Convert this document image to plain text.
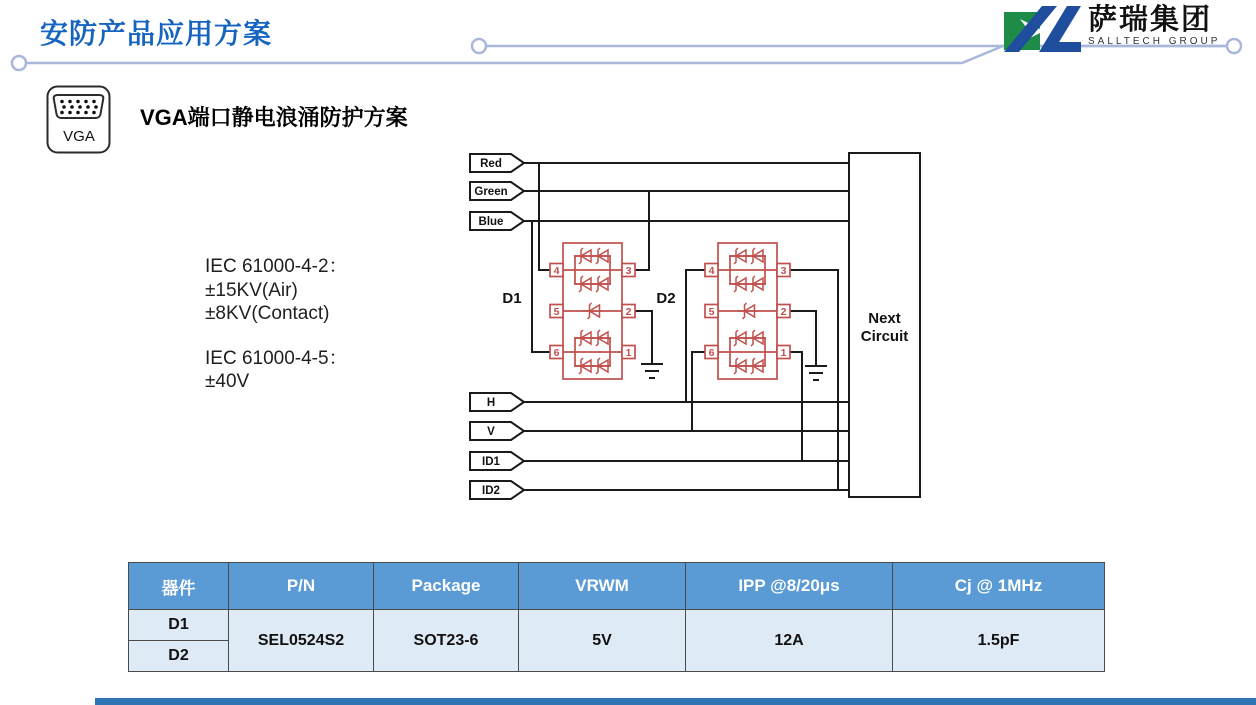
安防产品应用方案	萨瑞集团
SALLTECH GROUP
VGA
VGA端口静电浪涌防护方案
IEC 61000-4-2：
±15KV(Air)
±8KV(Contact)
IEC 61000-4-5：
±40V
Red
Green
Blue
H
V
ID1
ID2
4	3
5	2
6	1
4	3
5	2
6	1
D1	D2
Next
Circuit
器件	P/N	Package	VRWM	IPP @8/20μs	Cj @ 1MHz
D1	SEL0524S2	SOT23-6	5V	12A	1.5pF
D2					
